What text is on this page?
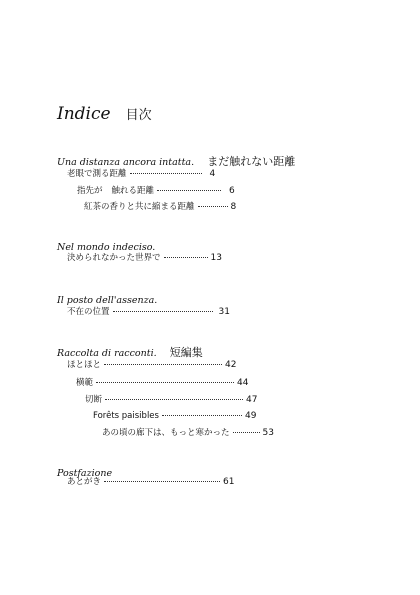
Indice 目次
Una distanza ancora intatta. まだ触れない距離
老眼で測る距離	4
指先が 触れる距離	6
紅茶の香りと共に縮まる距離	8
Nel mondo indeciso.
決められなかった世界で	13
Il posto dell'assenza.
不在の位置	31
Raccolta di racconti. 短編集
ほとほと	42
横範	44
切断	47
Forêts paisibles	49
あの頃の廊下は、もっと寒かった	53
Postfazione
あとがき	61
